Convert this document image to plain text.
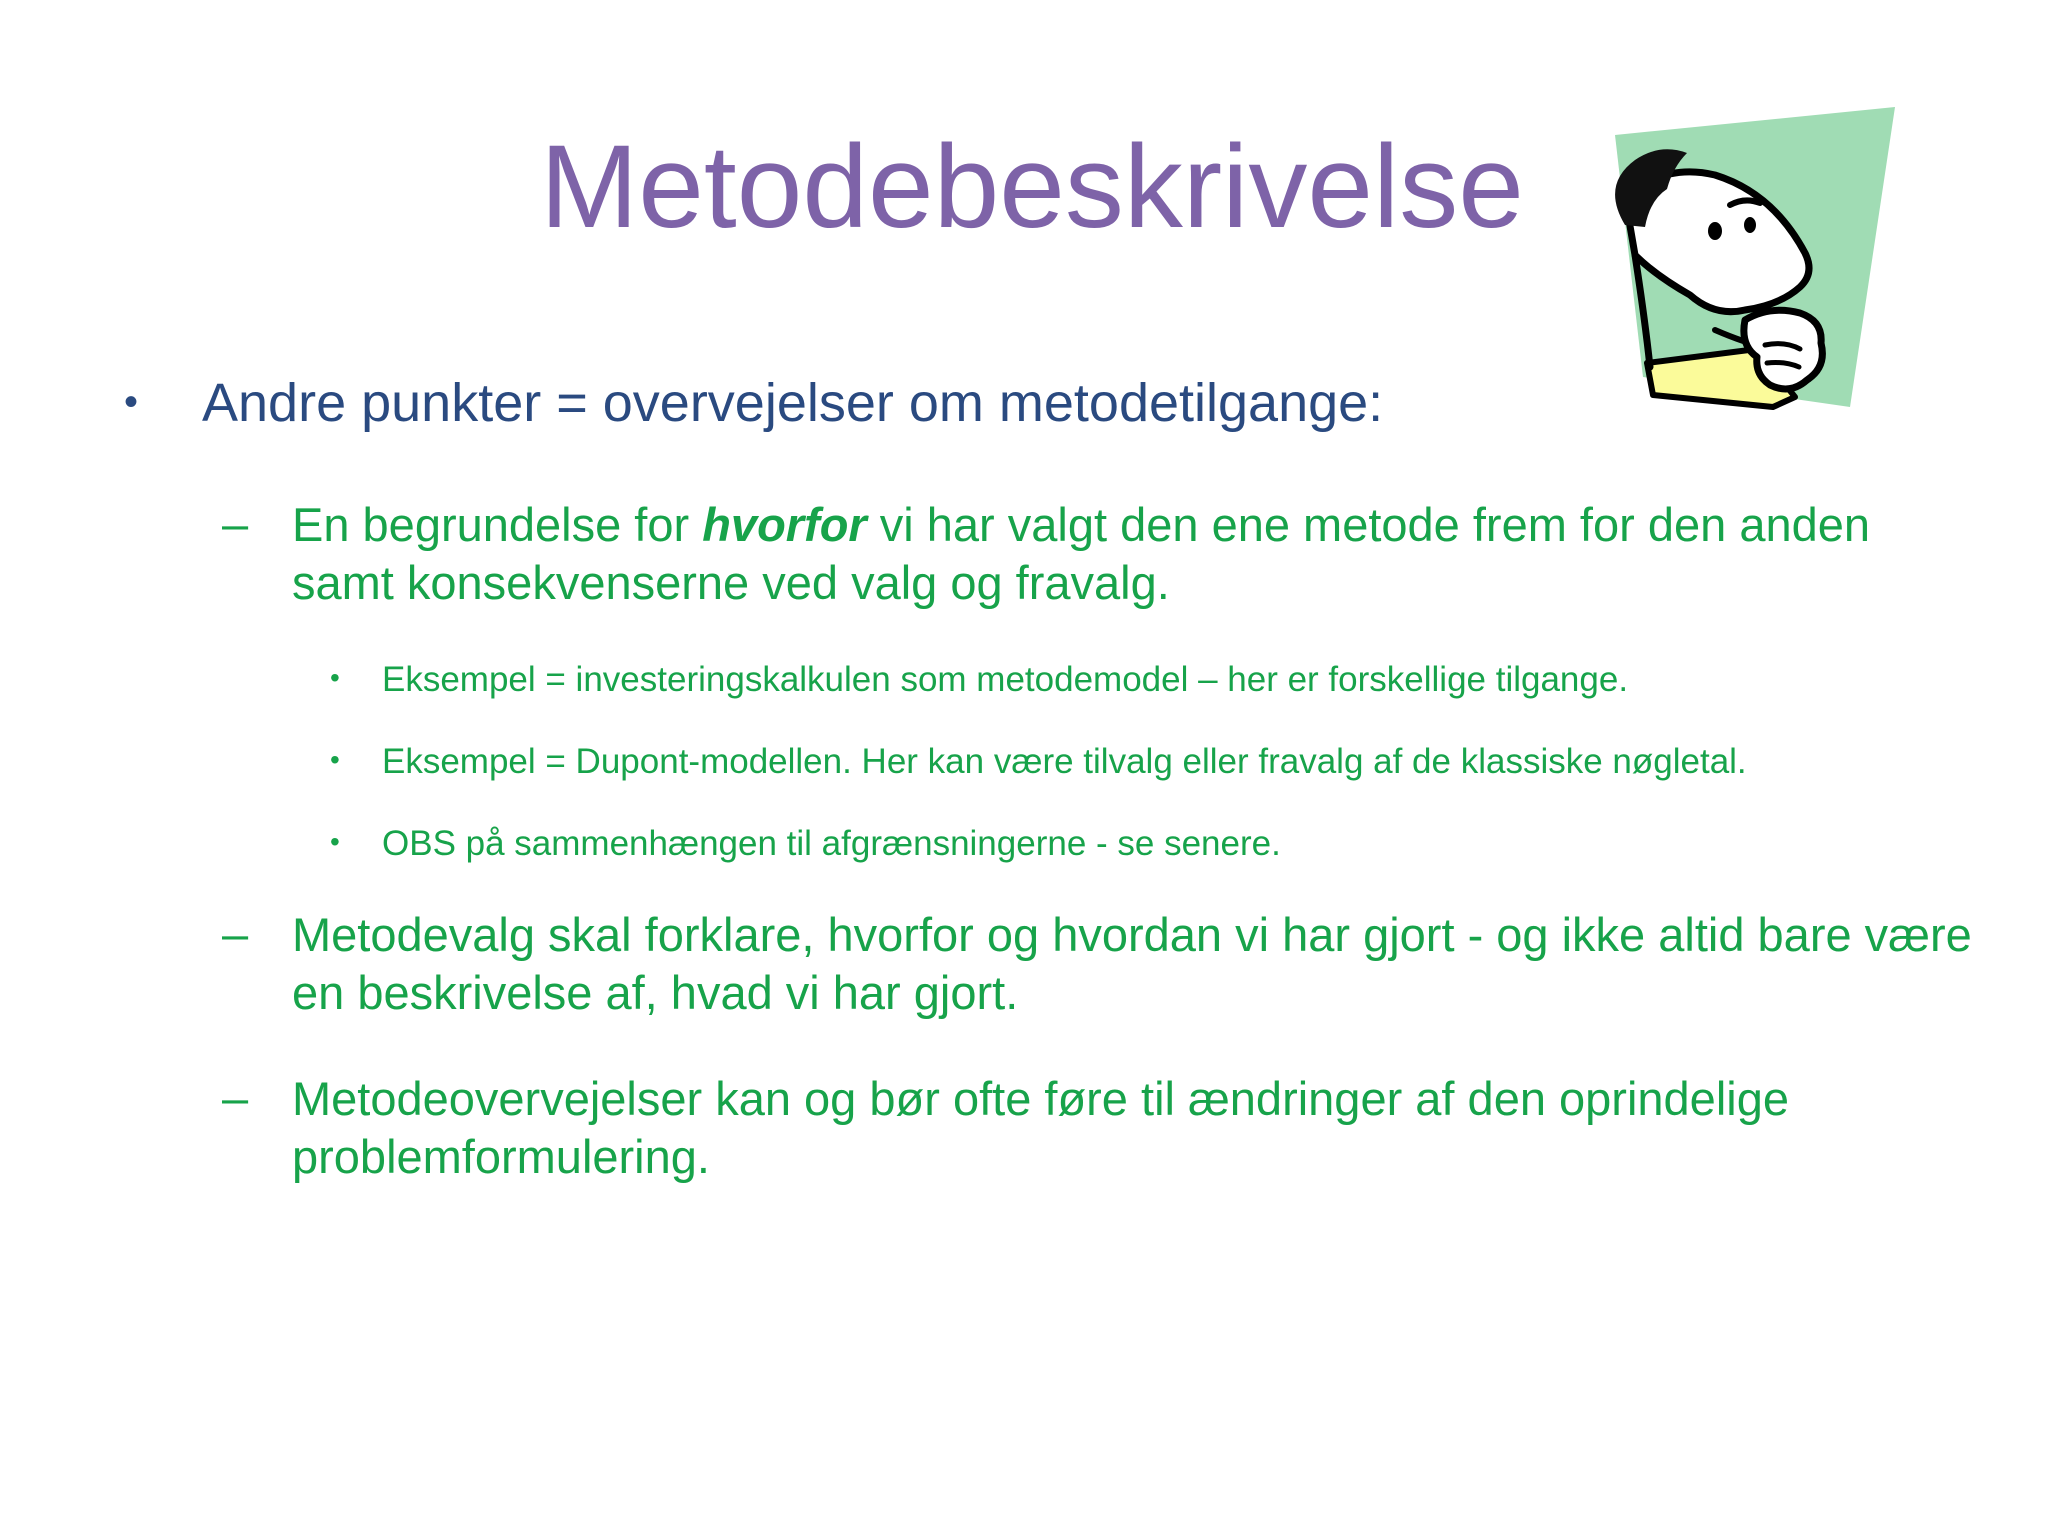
Metodebeskrivelse
•	Andre punkter = overvejelser om metodetilgange:
– En begrundelse for hvorfor vi har valgt den ene metode frem for den anden samt konsekvenserne ved valg og fravalg.
•	Eksempel = investeringskalkulen som metodemodel – her er forskellige tilgange.
•	Eksempel = Dupont-modellen. Her kan være tilvalg eller fravalg af de klassiske nøgletal.
•	OBS på sammenhængen til afgrænsningerne - se senere.
– Metodevalg skal forklare, hvorfor og hvordan vi har gjort - og ikke altid bare være en beskrivelse af, hvad vi har gjort.
– Metodeovervejelser kan og bør ofte føre til ændringer af den oprindelige problemformulering.
